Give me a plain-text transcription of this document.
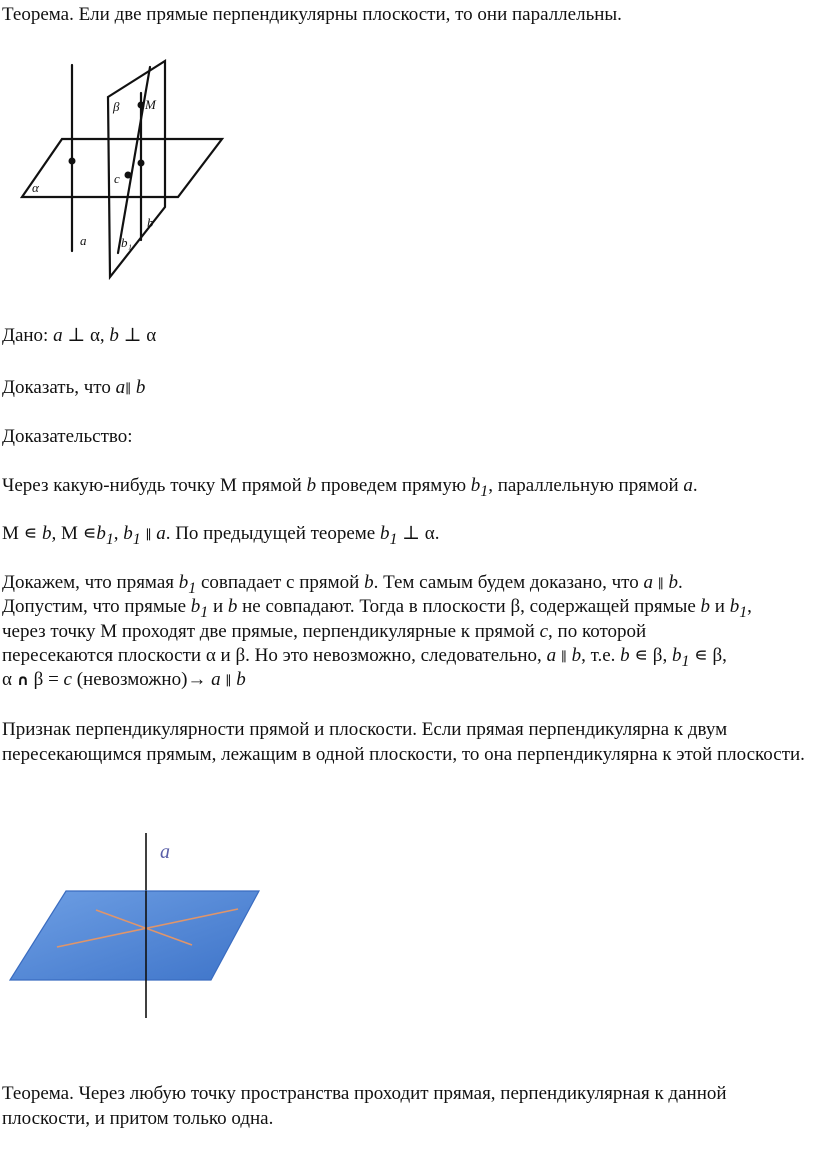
Теорема. Ели две прямые перпендикулярны плоскости, то они параллельны.
α
β M
c
a
b
b₁
Дано: a ⊥ α, b ⊥ α
Доказать, что a∥ b
Доказательство:
Через какую-нибудь точку М прямой b проведем прямую $b_1$, параллельную прямой a.
М ∊ b, М $∊b_1$, $b_1$ ∥ a. По предыдущей теореме $b_1$ ⊥ α.
Докажем, что прямая $b_1$ совпадает с прямой b. Тем самым будем доказано, что a ∥ b.
Допустим, что прямые $b_1$ и b не совпадают. Тогда в плоскости β, содержащей прямые b и $b_1$,
через точку М проходят две прямые, перпендикулярные к прямой c, по которой
пересекаются плоскости α и β. Но это невозможно, следовательно, a ∥ b, т.е. b ∊ β, $b_1$ ∊ β,
α ∩ β = c (невозможно)→ a ∥ b
Признак перпендикулярности прямой и плоскости. Если прямая перпендикулярна к двум пересекающимся прямым, лежащим в одной плоскости, то она перпендикулярна к этой плоскости.
a
Теорема. Через любую точку пространства проходит прямая, перпендикулярная к данной плоскости, и притом только одна.
